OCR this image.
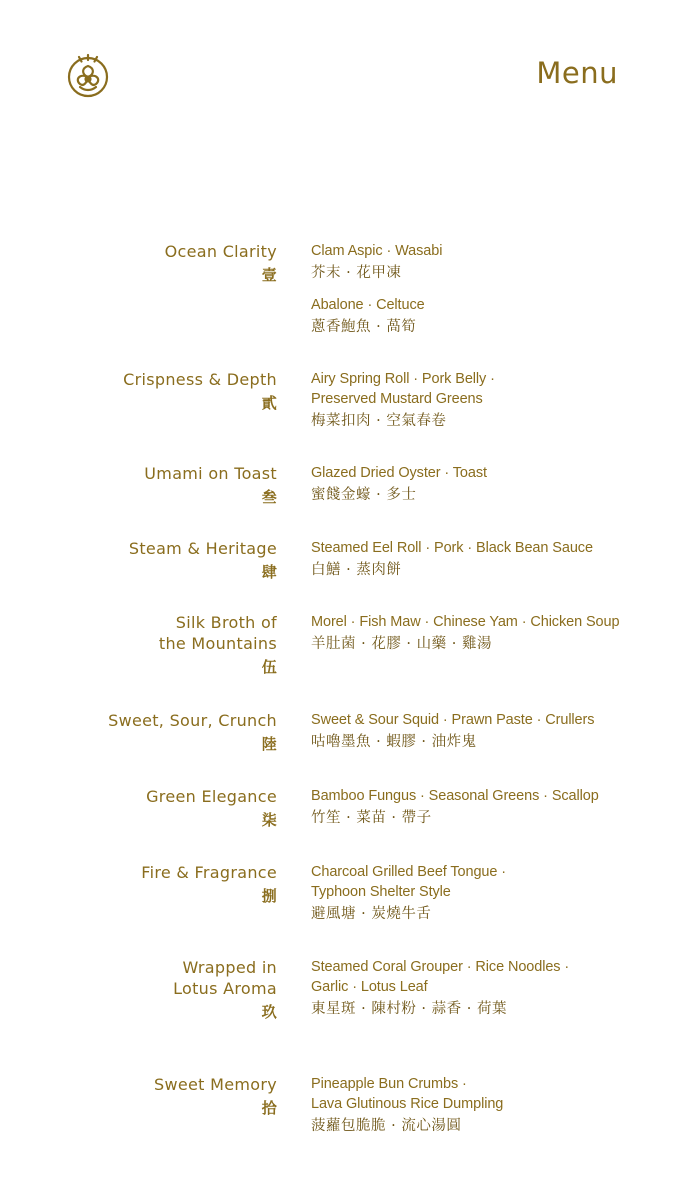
Menu
Ocean Clarity
壹
Clam Aspic · Wasabi
芥末 · 花甲凍
Abalone · Celtuce
蔥香鮑魚 · 萵筍
Crispness & Depth
貳
Airy Spring Roll · Pork Belly ·
Preserved Mustard Greens
梅菜扣肉 · 空氣春卷
Umami on Toast
叁
Glazed Dried Oyster · Toast
蜜餞金蠔 · 多士
Steam & Heritage
肆
Steamed Eel Roll · Pork · Black Bean Sauce
白鱔 · 蒸肉餅
Silk Broth of
the Mountains
伍
Morel · Fish Maw · Chinese Yam · Chicken Soup
羊肚菌 · 花膠 · 山藥 · 雞湯
Sweet, Sour, Crunch
陸
Sweet & Sour Squid · Prawn Paste · Crullers
咕嚕墨魚 · 蝦膠 · 油炸鬼
Green Elegance
柒
Bamboo Fungus · Seasonal Greens · Scallop
竹笙 · 菜苗 · 帶子
Fire & Fragrance
捌
Charcoal Grilled Beef Tongue ·
Typhoon Shelter Style
避風塘 · 炭燒牛舌
Wrapped in
Lotus Aroma
玖
Steamed Coral Grouper · Rice Noodles ·
Garlic · Lotus Leaf
東星斑 · 陳村粉 · 蒜香 · 荷葉
Sweet Memory
拾
Pineapple Bun Crumbs ·
Lava Glutinous Rice Dumpling
菠蘿包脆脆 · 流心湯圓
